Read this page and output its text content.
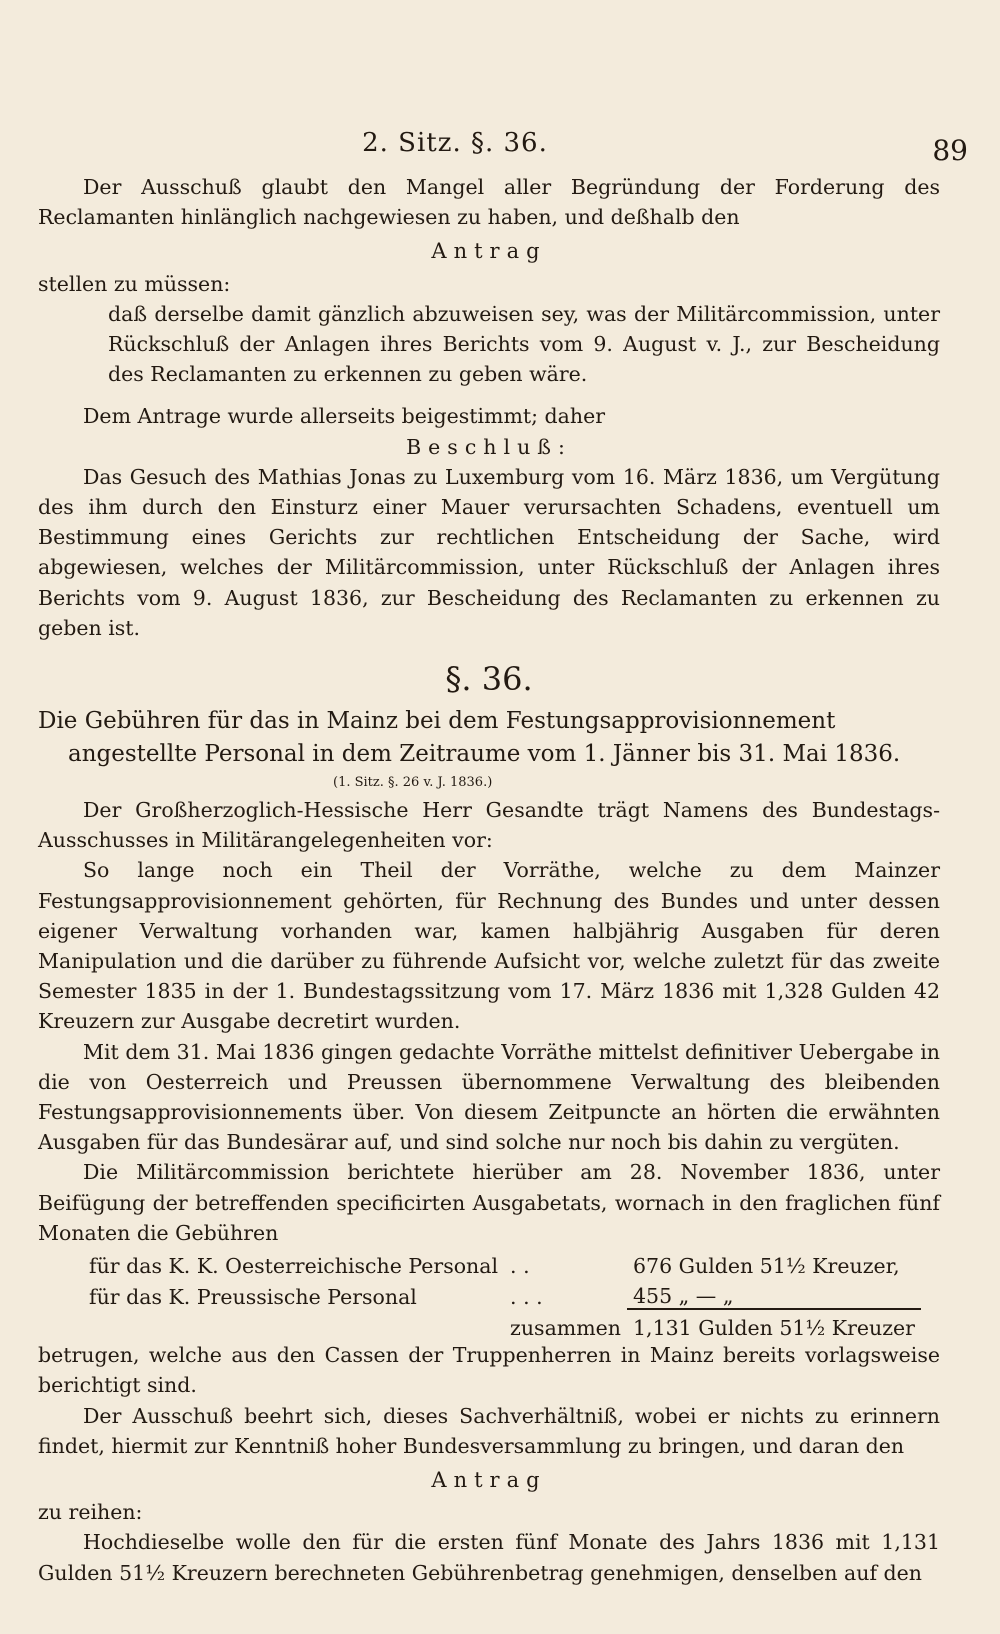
2. Sitz. §. 36.	89

Der Ausschuß glaubt den Mangel aller Begründung der Forderung des Reclamanten hinlänglich nachgewiesen zu haben, und deßhalb den

Antrag

stellen zu müssen:

daß derselbe damit gänzlich abzuweisen sey, was der Militärcommission, unter Rückschluß der Anlagen ihres Berichts vom 9. August v. J., zur Bescheidung des Reclamanten zu erkennen zu geben wäre.

Dem Antrage wurde allerseits beigestimmt; daher

Beschluß:

Das Gesuch des Mathias Jonas zu Luxemburg vom 16. März 1836, um Vergütung des ihm durch den Einsturz einer Mauer verursachten Schadens, eventuell um Bestimmung eines Gerichts zur rechtlichen Entscheidung der Sache, wird abgewiesen, welches der Militärcommission, unter Rückschluß der Anlagen ihres Berichts vom 9. August 1836, zur Bescheidung des Reclamanten zu erkennen zu geben ist.

§. 36.

Die Gebühren für das in Mainz bei dem Festungsapprovisionnement angestellte Personal in dem Zeitraume vom 1. Jänner bis 31. Mai 1836.

(1. Sitz. §. 26 v. J. 1836.)

Der Großherzoglich-Hessische Herr Gesandte trägt Namens des Bundestags-Ausschusses in Militärangelegenheiten vor:

So lange noch ein Theil der Vorräthe, welche zu dem Mainzer Festungsapprovisionnement gehörten, für Rechnung des Bundes und unter dessen eigener Verwaltung vorhanden war, kamen halbjährig Ausgaben für deren Manipulation und die darüber zu führende Aufsicht vor, welche zuletzt für das zweite Semester 1835 in der 1. Bundestagssitzung vom 17. März 1836 mit 1,328 Gulden 42 Kreuzern zur Ausgabe decretirt wurden.

Mit dem 31. Mai 1836 gingen gedachte Vorräthe mittelst definitiver Uebergabe in die von Oesterreich und Preussen übernommene Verwaltung des bleibenden Festungsapprovisionnements über. Von diesem Zeitpuncte an hörten die erwähnten Ausgaben für das Bundesärar auf, und sind solche nur noch bis dahin zu vergüten.

Die Militärcommission berichtete hierüber am 28. November 1836, unter Beifügung der betreffenden specificirten Ausgabetats, wornach in den fraglichen fünf Monaten die Gebühren

für das K. K. Oesterreichische Personal	. .	676 Gulden 51½ Kreuzer,
für das K. Preussische Personal	. . .	455 „ — „
	zusammen	1,131 Gulden 51½ Kreuzer

betrugen, welche aus den Cassen der Truppenherren in Mainz bereits vorlagsweise berichtigt sind.

Der Ausschuß beehrt sich, dieses Sachverhältniß, wobei er nichts zu erinnern findet, hiermit zur Kenntniß hoher Bundesversammlung zu bringen, und daran den

Antrag

zu reihen:

Hochdieselbe wolle den für die ersten fünf Monate des Jahrs 1836 mit 1,131 Gulden 51½ Kreuzern berechneten Gebührenbetrag genehmigen, denselben auf den
